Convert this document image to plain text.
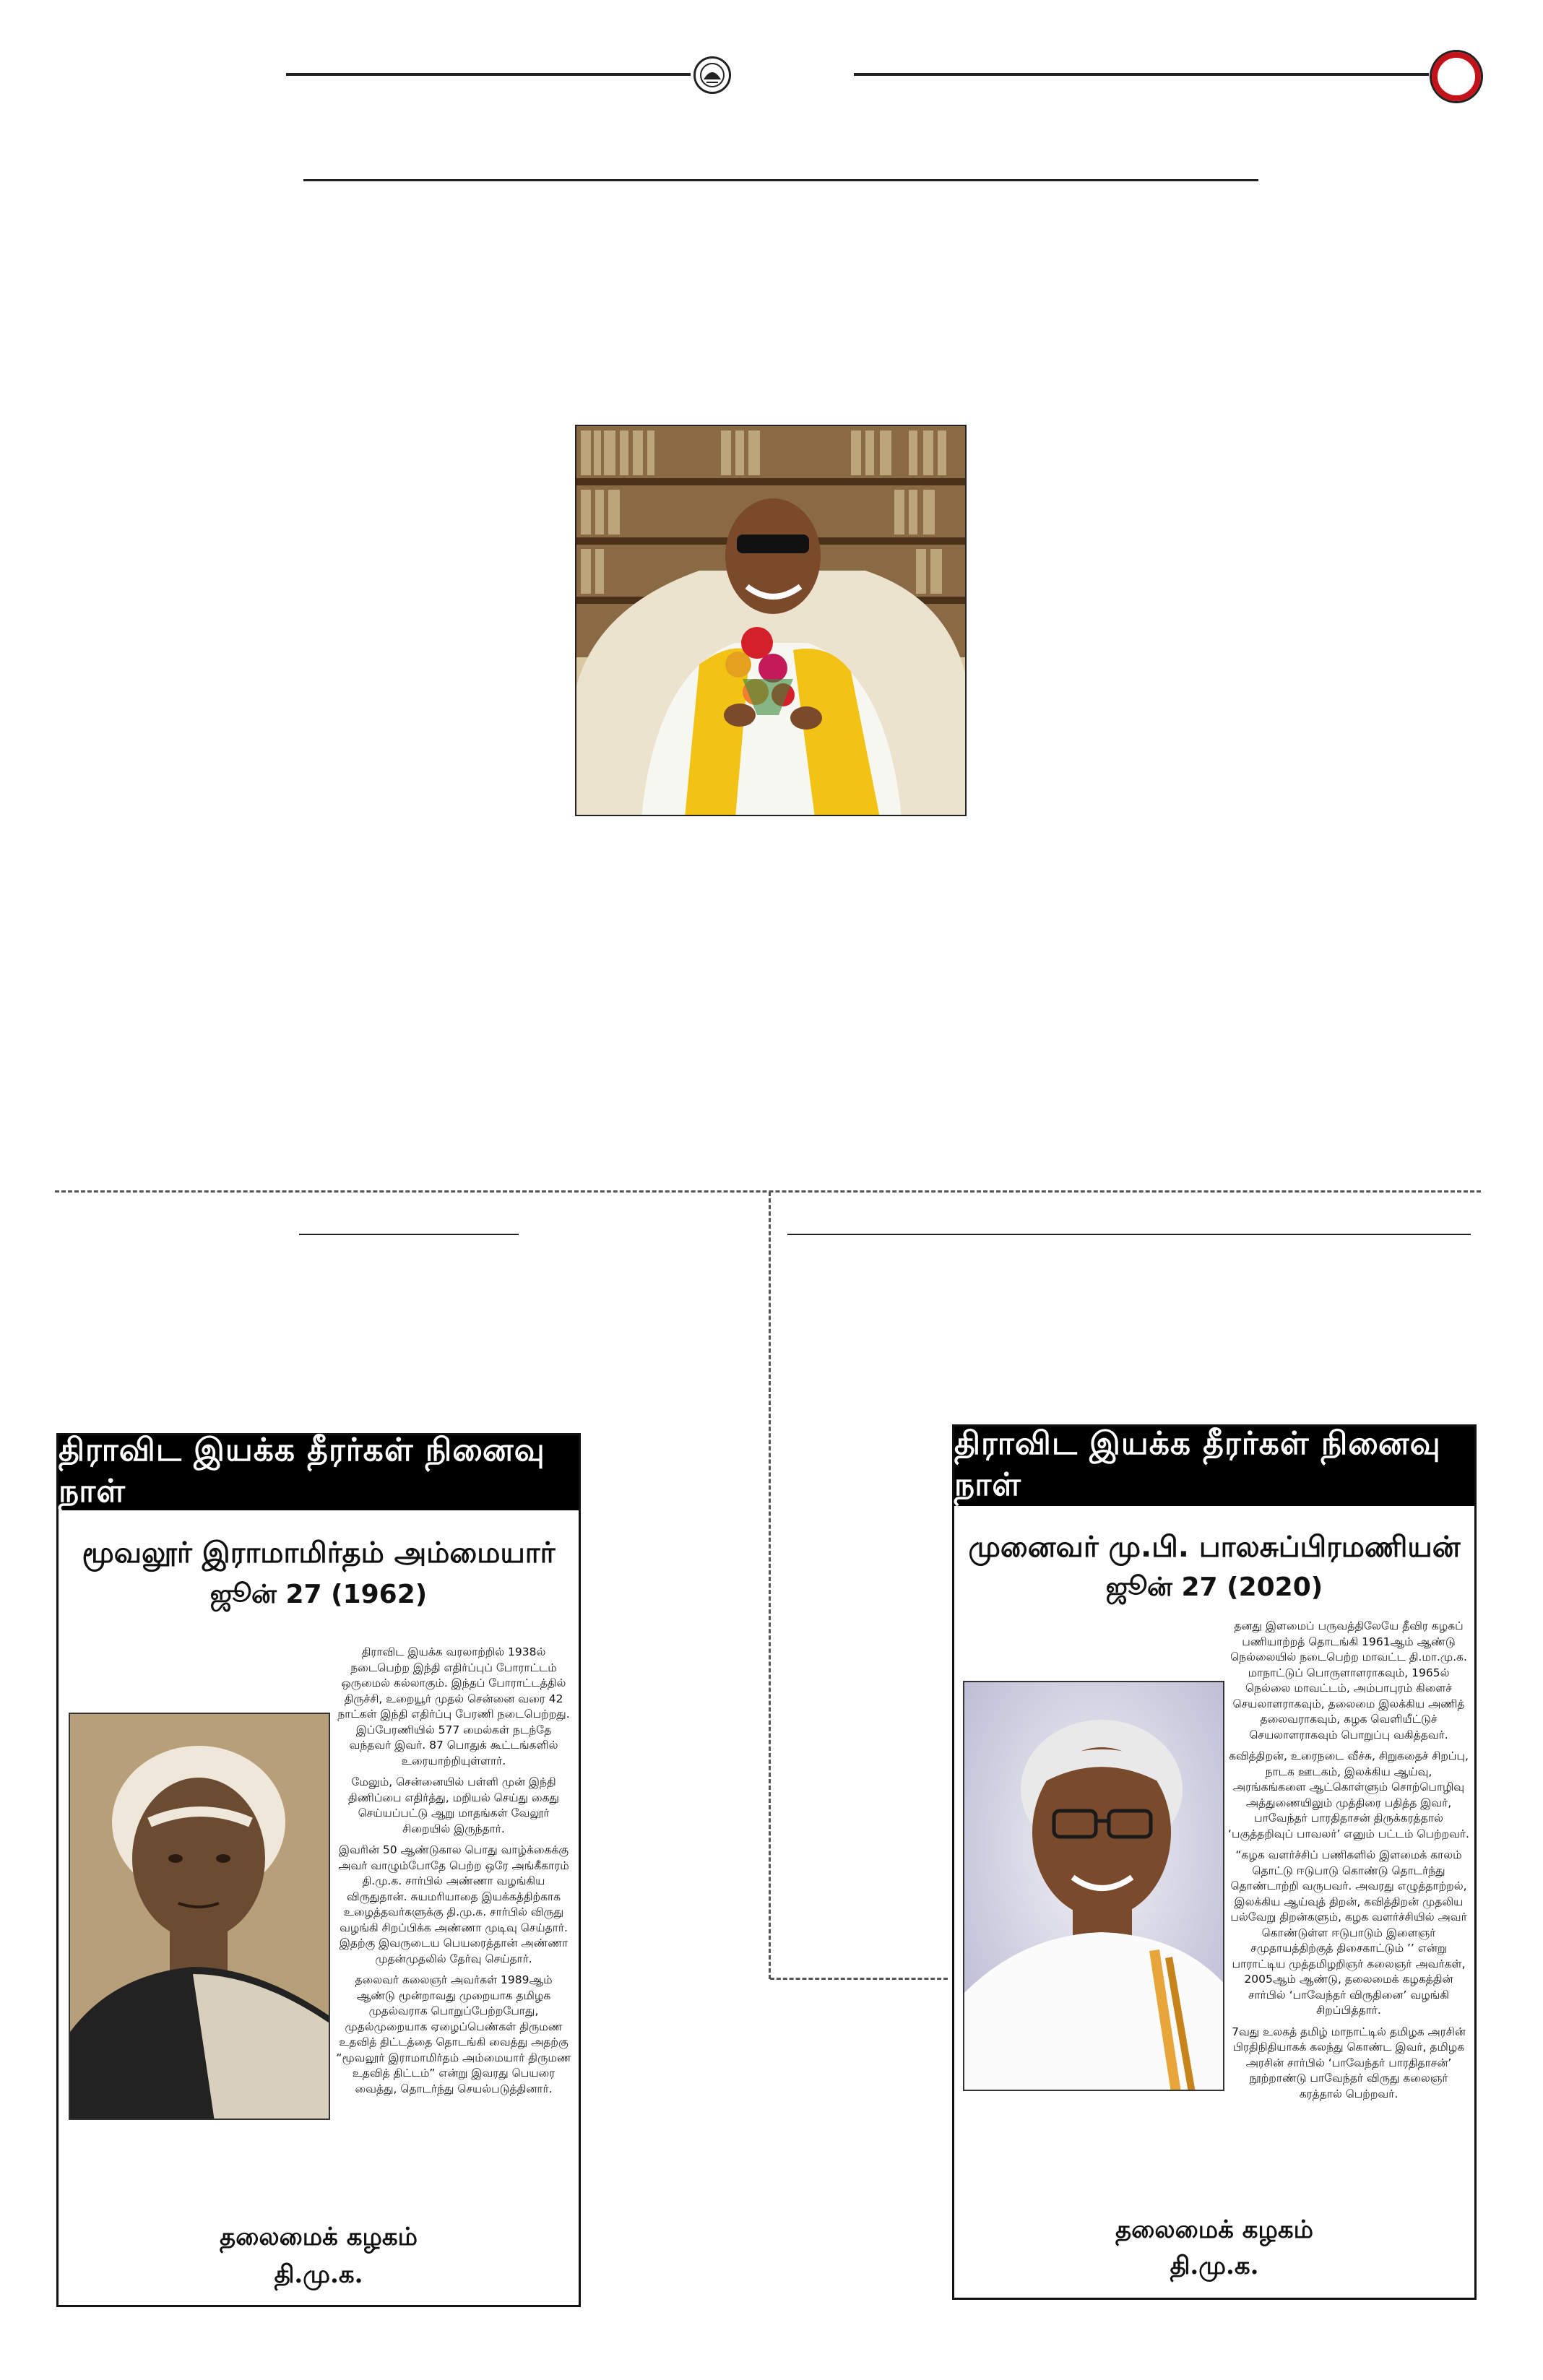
திராவிட இயக்க தீரர்கள் நினைவு நாள்
மூவலூர் இராமாமிர்தம் அம்மையார்
ஜூன் 27 (1962)

திராவிட இயக்க வரலாற்றில் 1938ல் நடைபெற்ற இந்தி எதிர்ப்புப் போராட்டம் ஒருமைல் கல்லாகும். இந்தப் போராட்டத்தில் திருச்சி, உறையூர் முதல் சென்னை வரை 42 நாட்கள் இந்தி எதிர்ப்பு பேரணி நடைபெற்றது. இப்பேரணியில் 577 மைல்கள் நடந்தே வந்தவர் இவர். 87 பொதுக் கூட்டங்களில் உரையாற்றியுள்ளார்.

மேலும், சென்னையில் பள்ளி முன் இந்தி திணிப்பை எதிர்த்து, மறியல் செய்து கைது செய்யப்பட்டு ஆறு மாதங்கள் வேலூர் சிறையில் இருந்தார்.

இவரின் 50 ஆண்டுகால பொது வாழ்க்கைக்கு அவர் வாழும்போதே பெற்ற ஒரே அங்கீகாரம் தி.மு.க. சார்பில் அண்ணா வழங்கிய விருதுதான். சுயமரியாதை இயக்கத்திற்காக உழைத்தவர்களுக்கு தி.மு.க. சார்பில் விருது வழங்கி சிறப்பிக்க அண்ணா முடிவு செய்தார். இதற்கு இவருடைய பெயரைத்தான் அண்ணா முதன்முதலில் தேர்வு செய்தார்.

தலைவர் கலைஞர் அவர்கள் 1989ஆம் ஆண்டு மூன்றாவது முறையாக தமிழக முதல்வராக பொறுப்பேற்றபோது, முதல்முறையாக ஏழைப்பெண்கள் திருமண உதவித் திட்டத்தை தொடங்கி வைத்து அதற்கு “மூவலூர் இராமாமிர்தம் அம்மையார் திருமண உதவித் திட்டம்” என்று இவரது பெயரை வைத்து, தொடர்ந்து செயல்படுத்தினார்.

தலைமைக் கழகம்
தி.மு.க.
திராவிட இயக்க தீரர்கள் நினைவு நாள்
முனைவர் மு.பி. பாலசுப்பிரமணியன்
ஜூன் 27 (2020)

தனது இளமைப் பருவத்திலேயே தீவிர கழகப் பணியாற்றத் தொடங்கி 1961ஆம் ஆண்டு நெல்லையில் நடைபெற்ற மாவட்ட தி.மா.மு.க. மாநாட்டுப் பொருளாளராகவும், 1965ல் நெல்லை மாவட்டம், அம்பாபுரம் கிளைச் செயலாளராகவும், தலைமை இலக்கிய அணித் தலைவராகவும், கழக வெளியீட்டுச் செயலாளராகவும் பொறுப்பு வகித்தவர்.

கவித்திறன், உரைநடை வீச்சு, சிறுகதைச் சிறப்பு, நாடக ஊடகம், இலக்கிய ஆய்வு, அரங்கங்களை ஆட்கொள்ளும் சொற்பொழிவு அத்துணையிலும் முத்திரை பதித்த இவர், பாவேந்தர் பாரதிதாசன் திருக்கரத்தால் ‘பகுத்தறிவுப் பாவலர்’ எனும் பட்டம் பெற்றவர்.

“கழக வளர்ச்சிப் பணிகளில் இளமைக் காலம் தொட்டு ஈடுபாடு கொண்டு தொடர்ந்து தொண்டாற்றி வருபவர். அவரது எழுத்தாற்றல், இலக்கிய ஆய்வுத் திறன், கவித்திறன் முதலிய பல்வேறு திறன்களும், கழக வளர்ச்சியில் அவர் கொண்டுள்ள ஈடுபாடும் இளைஞர் சமுதாயத்திற்குத் திசைகாட்டும் ’’ என்று பாராட்டிய முத்தமிழறிஞர் கலைஞர் அவர்கள், 2005ஆம் ஆண்டு, தலைமைக் கழகத்தின் சார்பில் ‘பாவேந்தர் விருதினை’ வழங்கி சிறப்பித்தார்.

7வது உலகத் தமிழ் மாநாட்டில் தமிழக அரசின் பிரதிநிதியாகக் கலந்து கொண்ட இவர், தமிழக அரசின் சார்பில் ‘பாவேந்தர் பாரதிதாசன்’ நூற்றாண்டு பாவேந்தர் விருது கலைஞர் கரத்தால் பெற்றவர்.

தலைமைக் கழகம்
தி.மு.க.
